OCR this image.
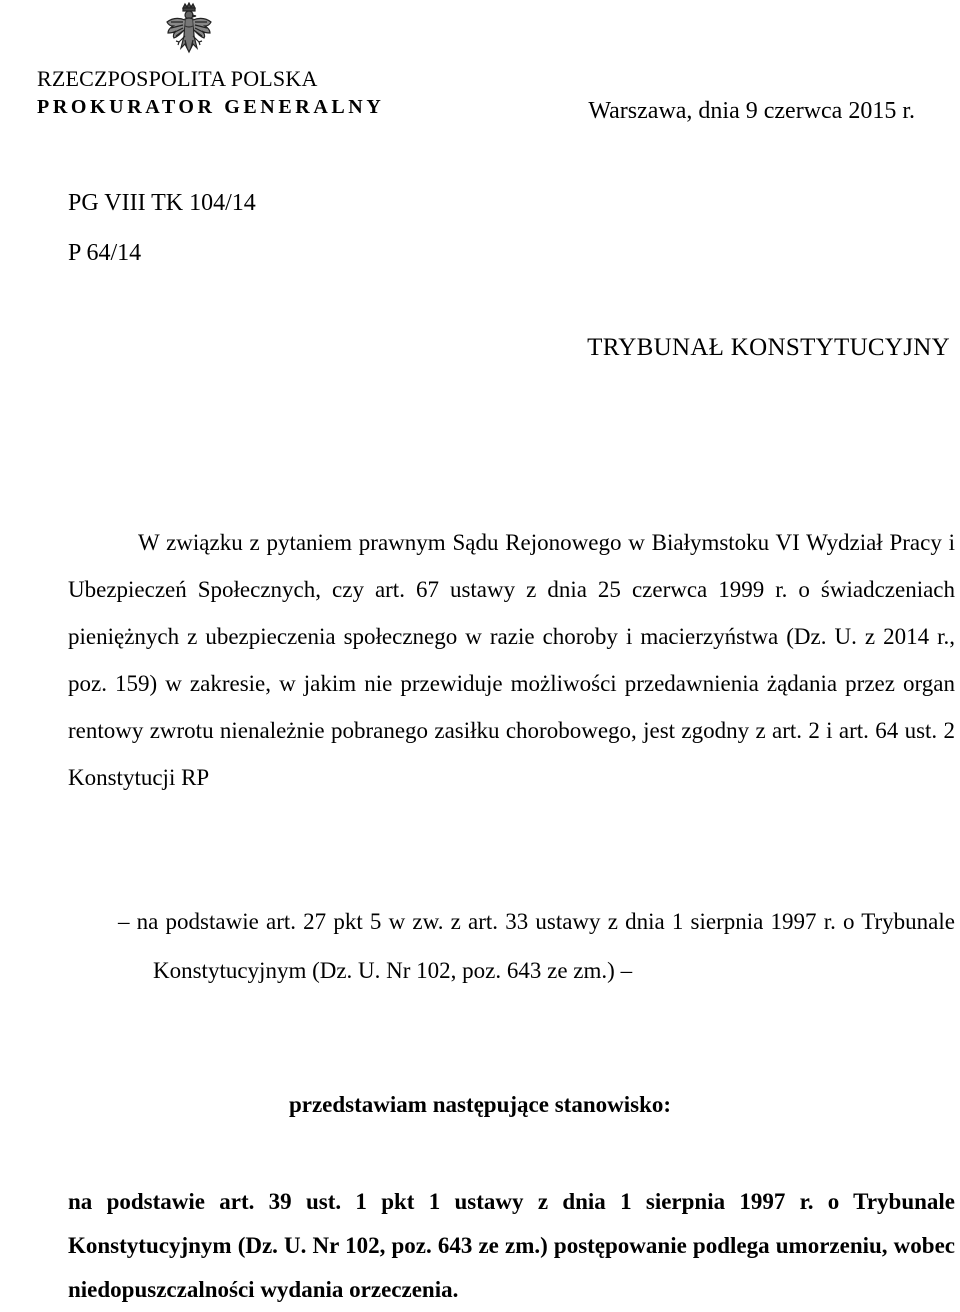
RZECZPOSPOLITA POLSKA
PROKURATOR GENERALNY	Warszawa, dnia 9 czerwca 2015 r.
PG VIII TK 104/14
P 64/14
TRYBUNAŁ KONSTYTUCYJNY

W związku z pytaniem prawnym Sądu Rejonowego w Białymstoku VI Wydział Pracy i Ubezpieczeń Społecznych, czy art. 67 ustawy z dnia 25 czerwca 1999 r. o świadczeniach pieniężnych z ubezpieczenia społecznego w razie choroby i macierzyństwa (Dz. U. z 2014 r., poz. 159) w zakresie, w jakim nie przewiduje możliwości przedawnienia żądania przez organ rentowy zwrotu nienależnie pobranego zasiłku chorobowego, jest zgodny z art. 2 i art. 64 ust. 2 Konstytucji RP

– na podstawie art. 27 pkt 5 w zw. z art. 33 ustawy z dnia 1 sierpnia 1997 r. o Trybunale Konstytucyjnym (Dz. U. Nr 102, poz. 643 ze zm.) –

przedstawiam następujące stanowisko:

na podstawie art. 39 ust. 1 pkt 1 ustawy z dnia 1 sierpnia 1997 r. o Trybunale Konstytucyjnym (Dz. U. Nr 102, poz. 643 ze zm.) postępowanie podlega umorzeniu, wobec niedopuszczalności wydania orzeczenia.
